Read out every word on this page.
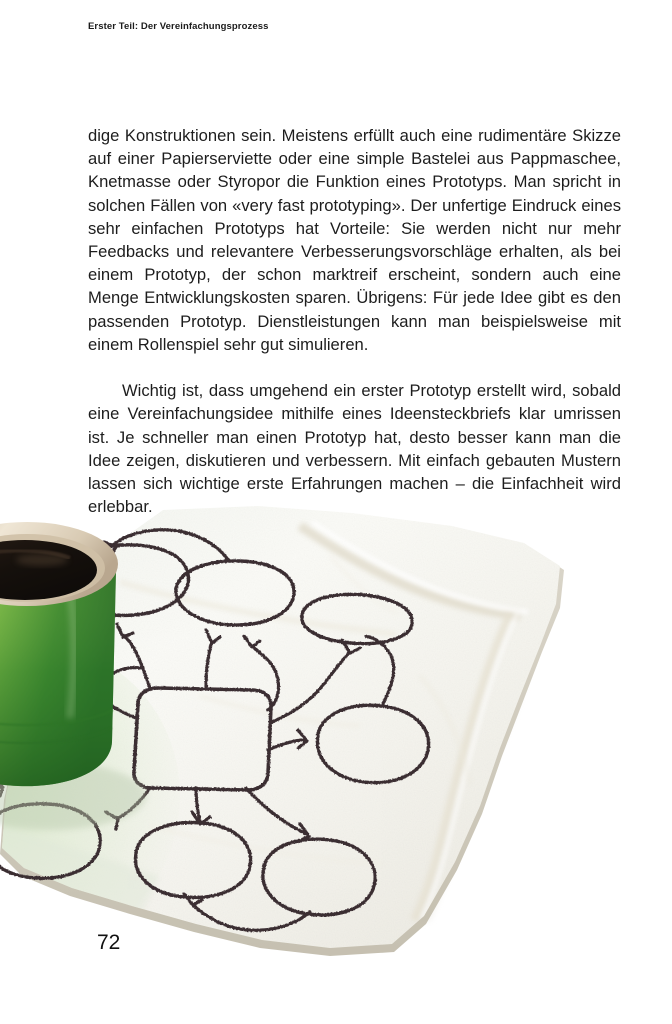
Erster Teil: Der Vereinfachungsprozess

dige Konstruktionen sein. Meistens erfüllt auch eine rudimentäre Skizze auf einer Papierserviette oder eine simple Bastelei aus Pappmaschee, Knetmasse oder Styropor die Funktion eines Prototyps. Man spricht in solchen Fällen von «very fast prototyping». Der unfertige Eindruck eines sehr einfachen Prototyps hat Vorteile: Sie werden nicht nur mehr Feedbacks und relevantere Verbesserungsvorschläge erhalten, als bei einem Prototyp, der schon marktreif erscheint, sondern auch eine Menge Entwicklungskosten sparen. Übrigens: Für jede Idee gibt es den passenden Prototyp. Dienstleistungen kann man beispielsweise mit einem Rollenspiel sehr gut simulieren.

Wichtig ist, dass umgehend ein erster Prototyp erstellt wird, sobald eine Vereinfachungsidee mithilfe eines Ideensteckbriefs klar umrissen ist. Je schneller man einen Prototyp hat, desto besser kann man die Idee zeigen, diskutieren und verbessern. Mit einfach gebauten Mustern lassen sich wichtige erste Erfahrungen machen – die Einfachheit wird erlebbar.

72
